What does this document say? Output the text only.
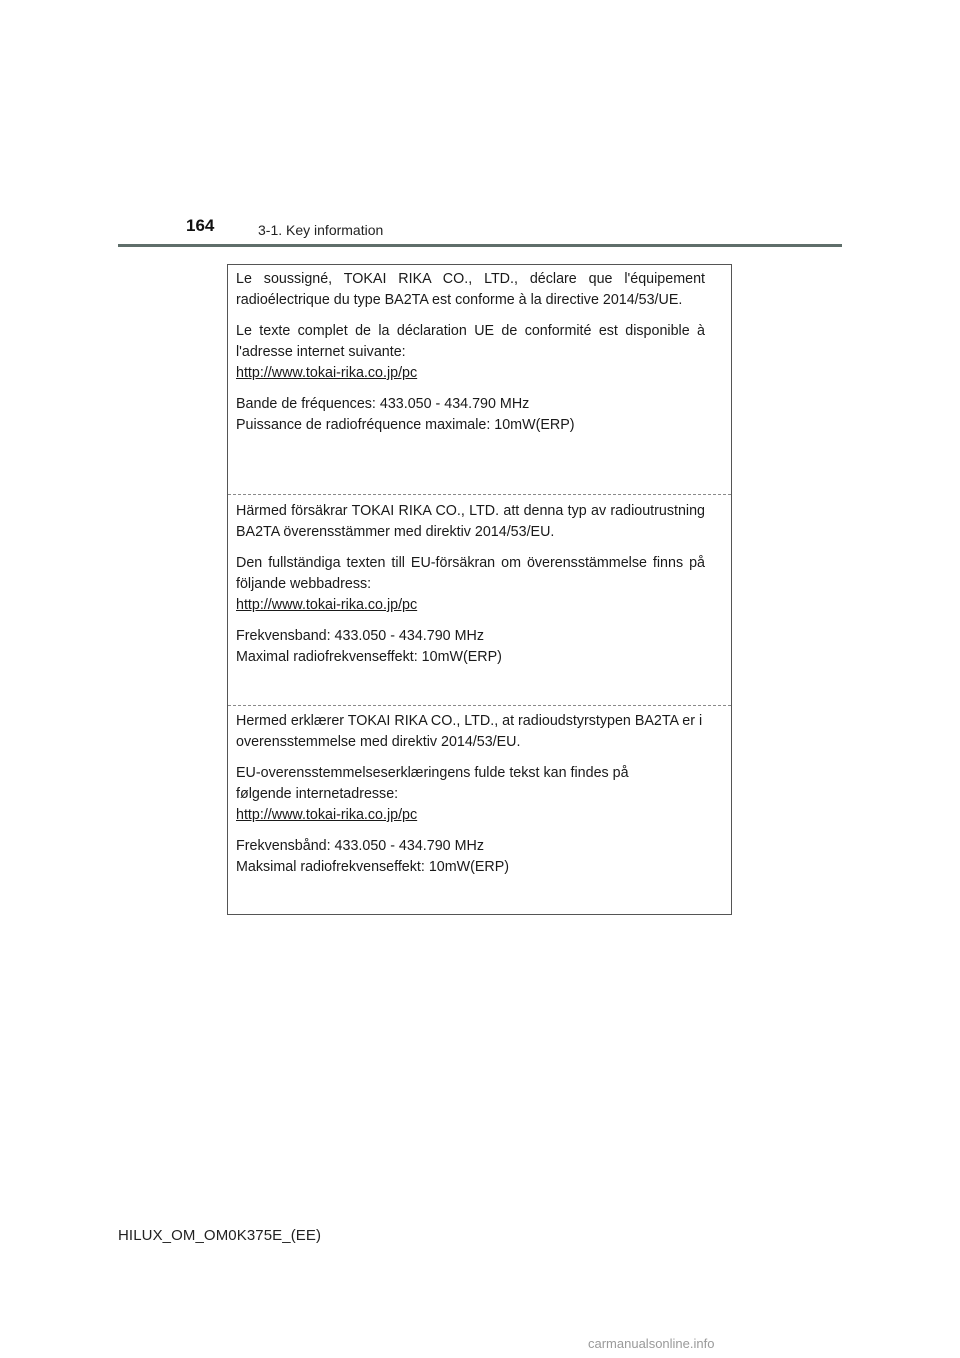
164	3-1. Key information

Le soussigné, TOKAI RIKA CO., LTD., déclare que l'équipement radioélectrique du type BA2TA est conforme à la directive 2014/53/UE.

Le texte complet de la déclaration UE de conformité est disponible à l'adresse internet suivante:

http://www.tokai-rika.co.jp/pc

Bande de fréquences: 433.050 - 434.790 MHz

Puissance de radiofréquence maximale: 10mW(ERP)

Härmed försäkrar TOKAI RIKA CO., LTD. att denna typ av radioutrustning BA2TA överensstämmer med direktiv 2014/53/EU.

Den fullständiga texten till EU-försäkran om överensstämmelse finns på följande webbadress:

http://www.tokai-rika.co.jp/pc

Frekvensband: 433.050 - 434.790 MHz

Maximal radiofrekvenseffekt: 10mW(ERP)

Hermed erklærer TOKAI RIKA CO., LTD., at radioudstyrstypen BA2TA er i overensstemmelse med direktiv 2014/53/EU.

EU-overensstemmelseserklæringens fulde tekst kan findes på følgende internetadresse:

http://www.tokai-rika.co.jp/pc

Frekvensbånd: 433.050 - 434.790 MHz

Maksimal radiofrekvenseffekt: 10mW(ERP)

HILUX_OM_OM0K375E_(EE)
carmanualsonline.info
